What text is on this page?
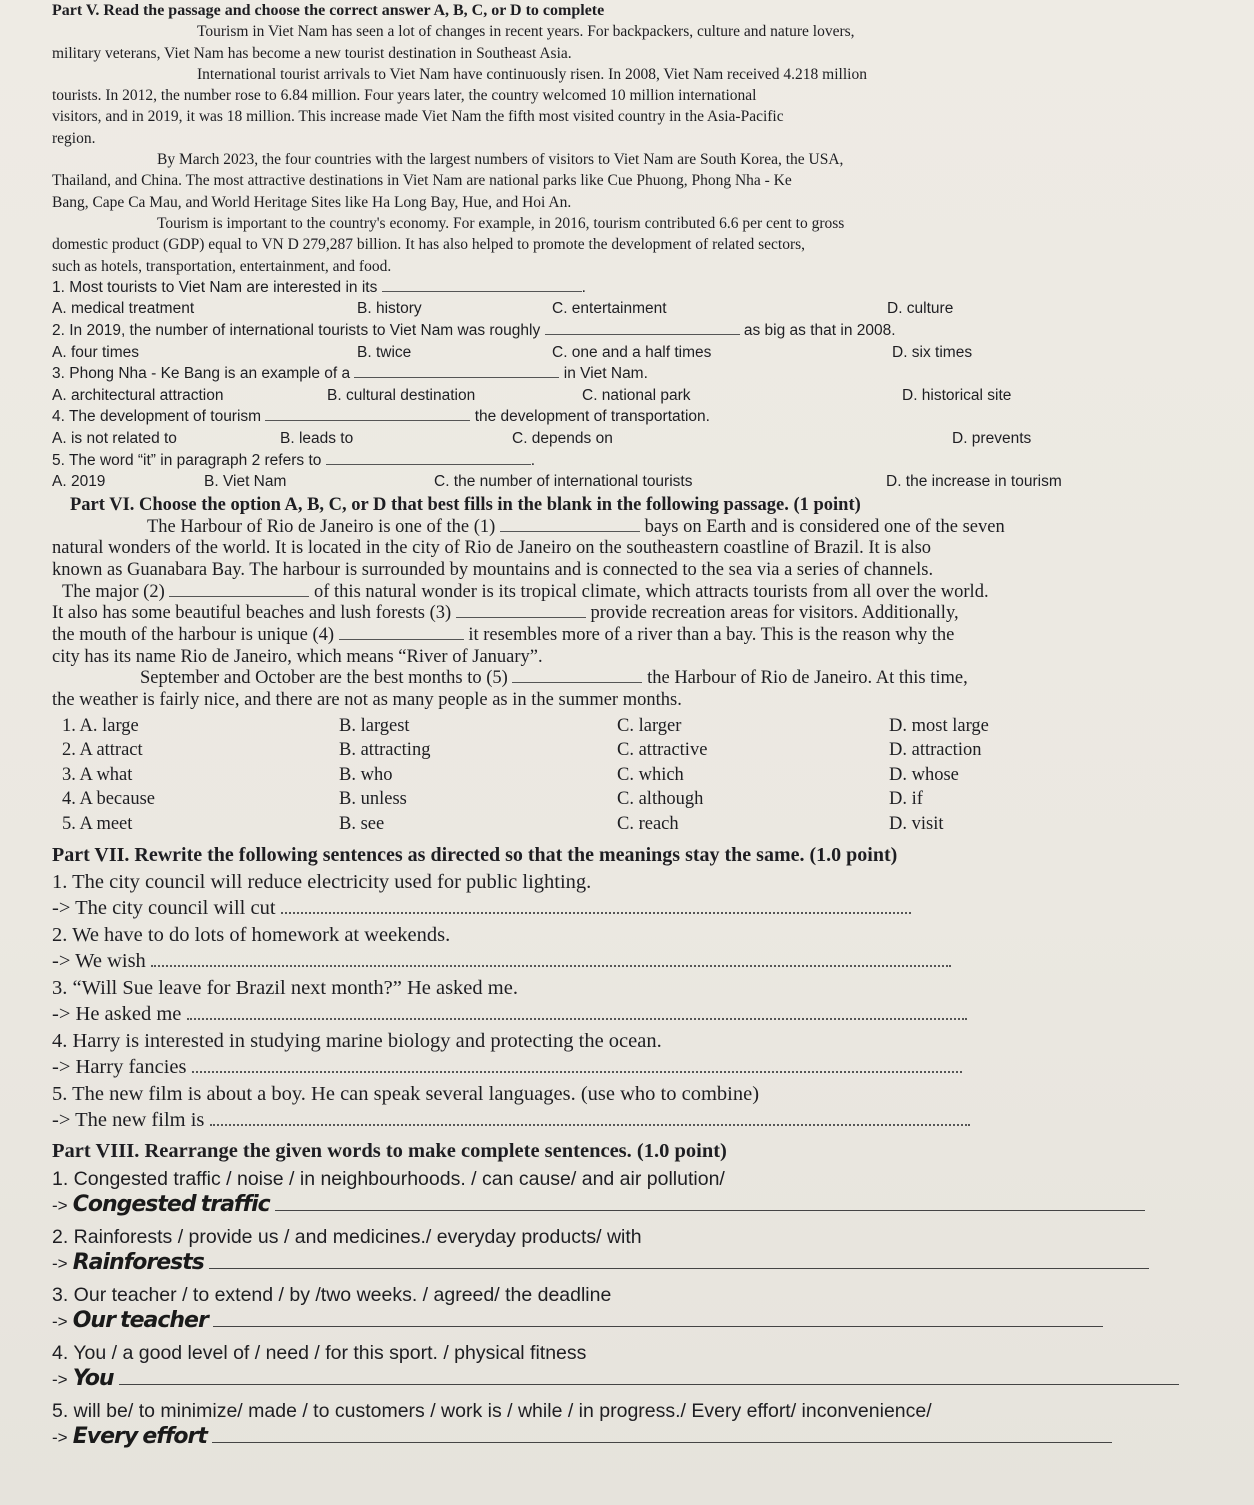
Part V. Read the passage and choose the correct answer A, B, C, or D to complete
Tourism in Viet Nam has seen a lot of changes in recent years. For backpackers, culture and nature lovers,
military veterans, Viet Nam has become a new tourist destination in Southeast Asia.
International tourist arrivals to Viet Nam have continuously risen. In 2008, Viet Nam received 4.218 million
tourists. In 2012, the number rose to 6.84 million. Four years later, the country welcomed 10 million international
visitors, and in 2019, it was 18 million. This increase made Viet Nam the fifth most visited country in the Asia-Pacific
region.
By March 2023, the four countries with the largest numbers of visitors to Viet Nam are South Korea, the USA,
Thailand, and China. The most attractive destinations in Viet Nam are national parks like Cue Phuong, Phong Nha - Ke
Bang, Cape Ca Mau, and World Heritage Sites like Ha Long Bay, Hue, and Hoi An.
Tourism is important to the country's economy. For example, in 2016, tourism contributed 6.6 per cent to gross
domestic product (GDP) equal to VN D 279,287 billion. It has also helped to promote the development of related sectors,
such as hotels, transportation, entertainment, and food.
1. Most tourists to Viet Nam are interested in its	.
A. medical treatment	B. history	C. entertainment	D. culture
2. In 2019, the number of international tourists to Viet Nam was roughly	as big as that in 2008.
A. four times	B. twice	C. one and a half times	D. six times
3. Phong Nha - Ke Bang is an example of a	in Viet Nam.
A. architectural attraction	B. cultural destination	C. national park	D. historical site
4. The development of tourism	the development of transportation.
A. is not related to	B. leads to	C. depends on	D. prevents
5. The word “it” in paragraph 2 refers to	.
A. 2019	B. Viet Nam	C. the number of international tourists	D. the increase in tourism
Part VI. Choose the option A, B, C, or D that best fills in the blank in the following passage. (1 point)
The Harbour of Rio de Janeiro is one of the (1)	bays on Earth and is considered one of the seven
natural wonders of the world. It is located in the city of Rio de Janeiro on the southeastern coastline of Brazil. It is also
known as Guanabara Bay. The harbour is surrounded by mountains and is connected to the sea via a series of channels.
The major (2)	of this natural wonder is its tropical climate, which attracts tourists from all over the world.
It also has some beautiful beaches and lush forests (3)	provide recreation areas for visitors. Additionally,
the mouth of the harbour is unique (4)	it resembles more of a river than a bay. This is the reason why the
city has its name Rio de Janeiro, which means “River of January”.
September and October are the best months to (5)	the Harbour of Rio de Janeiro. At this time,
the weather is fairly nice, and there are not as many people as in the summer months.
1. A. large	B. largest	C. larger	D. most large
2. A attract	B. attracting	C. attractive	D. attraction
3. A what	B. who	C. which	D. whose
4. A because	B. unless	C. although	D. if
5. A meet	B. see	C. reach	D. visit
Part VII. Rewrite the following sentences as directed so that the meanings stay the same. (1.0 point)
1. The city council will reduce electricity used for public lighting.
-> The city council will cut
2. We have to do lots of homework at weekends.
-> We wish
3. “Will Sue leave for Brazil next month?” He asked me.
-> He asked me
4. Harry is interested in studying marine biology and protecting the ocean.
-> Harry fancies
5. The new film is about a boy. He can speak several languages. (use who to combine)
-> The new film is
Part VIII. Rearrange the given words to make complete sentences. (1.0 point)
1. Congested traffic / noise / in neighbourhoods. / can cause/ and air pollution/
-> Congested traffic
2. Rainforests / provide us / and medicines./ everyday products/ with
-> Rainforests
3. Our teacher / to extend / by /two weeks. / agreed/ the deadline
-> Our teacher
4. You / a good level of / need / for this sport. / physical fitness
-> You
5. will be/ to minimize/ made / to customers / work is / while / in progress./ Every effort/ inconvenience/
-> Every effort
